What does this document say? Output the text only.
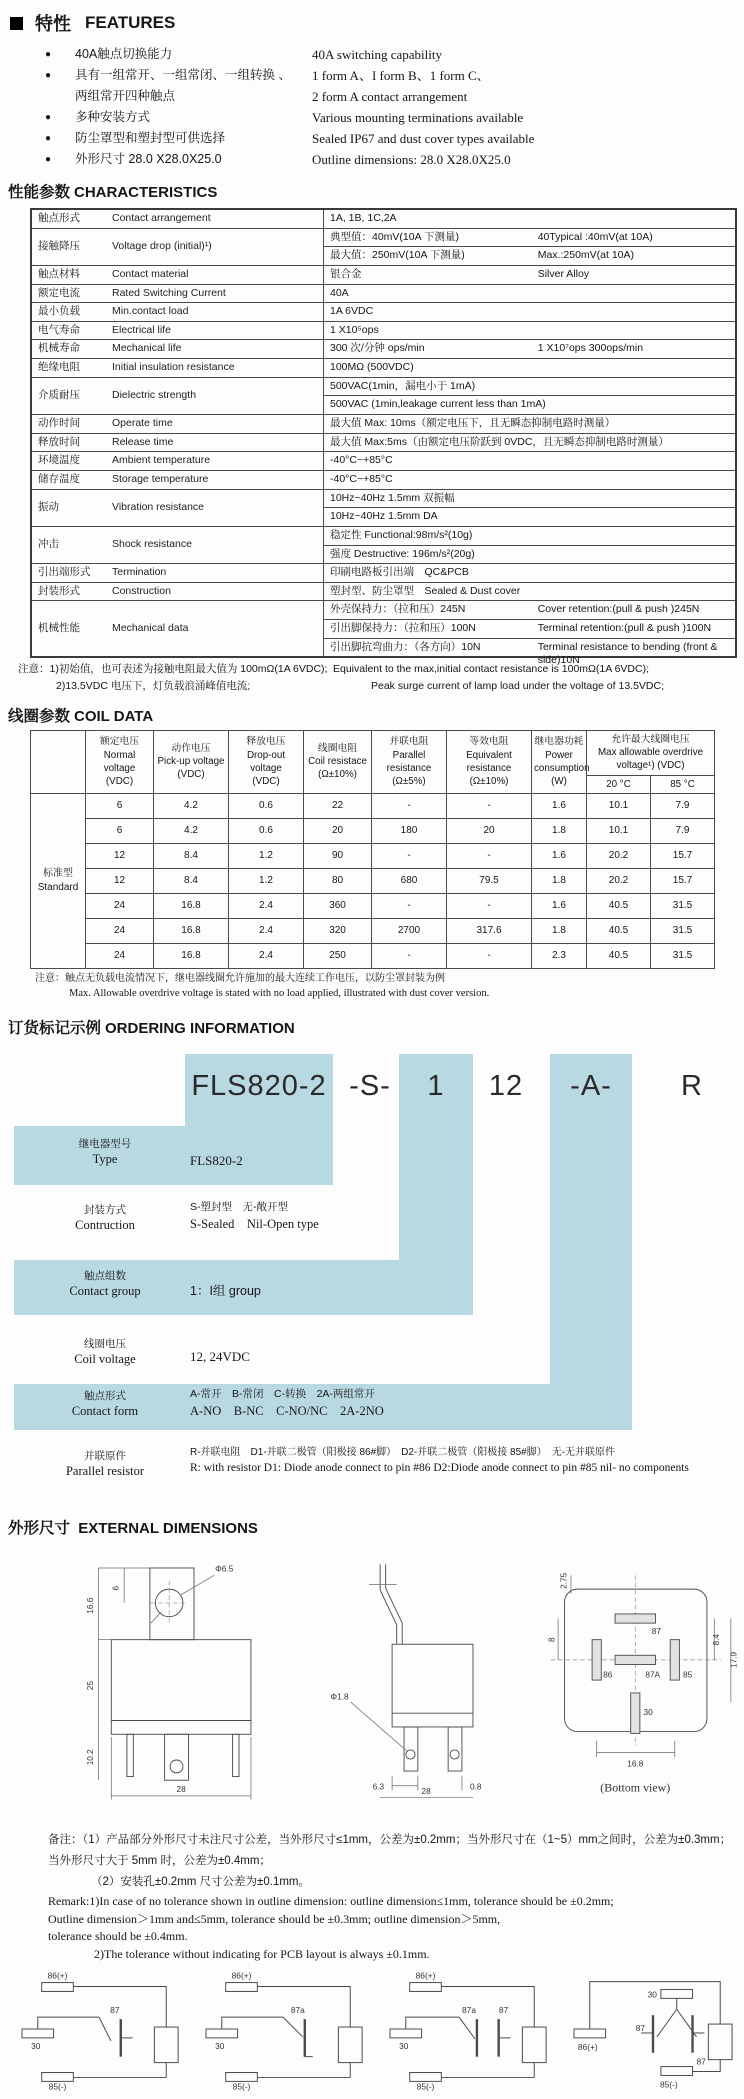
特性 FEATURES
●	40A触点切换能力	40A switching capability
●	具有一组常开、一组常闭、一组转换 、	1 form A、I form B、1 form C、
两组常开四种触点	2 form A contact arrangement
●	多种安装方式	Various mounting terminations available
●	防尘罩型和塑封型可供选择	Sealed IP67 and dust cover types available
●	外形尺寸 28.0 X28.0X25.0	Outline dimensions: 28.0 X28.0X25.0
性能参数 CHARACTERISTICS
触点形式 Contact arrangement	1A, 1B, 1C,2A
接触降压 Voltage drop (initial)¹)	典型值：40mV(10A 下测量) 40Typical :40mV(at 10A)

	最大值：250mV(10A 下测量) Max.:250mV(at 10A)

触点材料 Contact material	银合金 Silver Alloy

额定电流 Rated Switching Current	40A
最小负载 Min.contact load	1A 6VDC
电气寿命 Electrical life	1 X10⁵ops
机械寿命 Mechanical life	300 次/分钟 ops/min 1 X10⁷ops 300ops/min

绝缘电阻 Initial insulation resistance	100MΩ (500VDC)
介质耐压 Dielectric strength	500VAC(1min，漏电小于 1mA)
	500VAC (1min,leakage current less than 1mA)
动作时间 Operate time	最大值 Max: 10ms（额定电压下，且无瞬态抑制电路时测量）
释放时间 Release time	最大值 Max:5ms（由额定电压阶跃到 0VDC，且无瞬态抑制电路时测量）
环境温度 Ambient temperature	-40°C~+85°C
储存温度 Storage temperature	-40°C~+85°C
振动 Vibration resistance	10Hz~40Hz 1.5mm 双振幅
	10Hz~40Hz 1.5mm DA
冲击 Shock resistance	稳定性 Functional:98m/s²(10g)
	强度 Destructive: 196m/s²(20g)
引出端形式 Termination	印刷电路板引出端　QC&PCB
封装形式 Construction	塑封型、防尘罩型　Sealed & Dust cover
机械性能 Mechanical data	外壳保持力：（拉和压）245N Cover retention:(pull & push )245N

	引出脚保持力：（拉和压）100N Terminal retention:(pull & push )100N

	引出脚抗弯曲力：（各方向）10N Terminal resistance to bending (front & side)10N
注意：1)初始值，也可表述为接触电阻最大值为 100mΩ(1A 6VDC); Equivalent to the max,initial contact resistance is 100mΩ(1A 6VDC);
2)13.5VDC 电压下，灯负载浪涌峰值电流;	Peak surge current of lamp load under the voltage of 13.5VDC;
线圈参数 COIL DATA

	额定电压
Normal voltage
(VDC)	动作电压
Pick-up voltage
(VDC)	释放电压
Drop-out voltage
(VDC)	线圈电阻
Coil resistace
(Ω±10%)	并联电阻
Parallel resistance
(Ω±5%)	等效电阻
Equivalent resistance
(Ω±10%)	继电器功耗
Power consumption
(W)	允许最大线圈电压
Max allowable overdrive voltage¹) (VDC)	

								20 °C	85 °C

标准型
Standard	6	4.2	0.6	22	-	-	1.6	10.1	7.9
	6	4.2	0.6	20	180	20	1.8	10.1	7.9
	12	8.4	1.2	90	-	-	1.6	20.2	15.7
	12	8.4	1.2	80	680	79.5	1.8	20.2	15.7
	24	16.8	2.4	360	-	-	1.6	40.5	31.5
	24	16.8	2.4	320	2700	317.6	1.8	40.5	31.5
	24	16.8	2.4	250	-	-	2.3	40.5	31.5
注意：触点无负载电流情况下，继电器线圈允许施加的最大连续工作电压，以防尘罩封装为例
Max. Allowable overdrive voltage is stated with no load applied, illustrated with dust cover version.
订货标记示例 ORDERING INFORMATION
FLS820-2 -S-	1	12	-A-	R
继电器型号
Type	FLS820-2
封装方式
Contruction
S-塑封型　无-敞开型
S-Sealed　Nil-Open type
触点组数
Contact group	1：I组 group
线圈电压
Coil voltage	12, 24VDC
触点形式
Contact form
A-常开　B-常闭　C-转换　2A-两组常开
A-NO　B-NC　C-NO/NC　2A-2NO
并联原件
Parallel resistor
R-并联电阻　D1-并联二极管（阳极接 86#脚）　D2-并联二极管（阳极接 85#脚）　无-无并联原件
R: with resistor D1: Diode anode connect to pin #86 D2:Diode anode connect to pin #85 nil- no components
外形尺寸 EXTERNAL DIMENSIONS
Φ6.5
6
16.6
25
10.2
28
Φ1.8
6.3
28
0.8
87
86	87A	85
30
2.75
8	8.4
17.9
16.8
(Bottom view)
备注：（1）产品部分外形尺寸未注尺寸公差，当外形尺寸≤1mm，公差为±0.2mm；当外形尺寸在（1~5）mm之间时，公差为±0.3mm；
当外形尺寸大于 5mm 时，公差为±0.4mm；
（2）安装孔±0.2mm 尺寸公差为±0.1mm。
Remark:1)In case of no tolerance shown in outline dimension: outline dimension≤1mm, tolerance should be ±0.2mm;
Outline dimension＞1mm and≤5mm, tolerance should be ±0.3mm; outline dimension＞5mm,
tolerance should be ±0.4mm.
2)The tolerance without indicating for PCB layout is always ±0.1mm.
86(+)
85(-)
30
87
86(+)
85(-)
30
87a
86(+)
85(-)
30
87a	87
86(+)
30
87
87
85(-)
